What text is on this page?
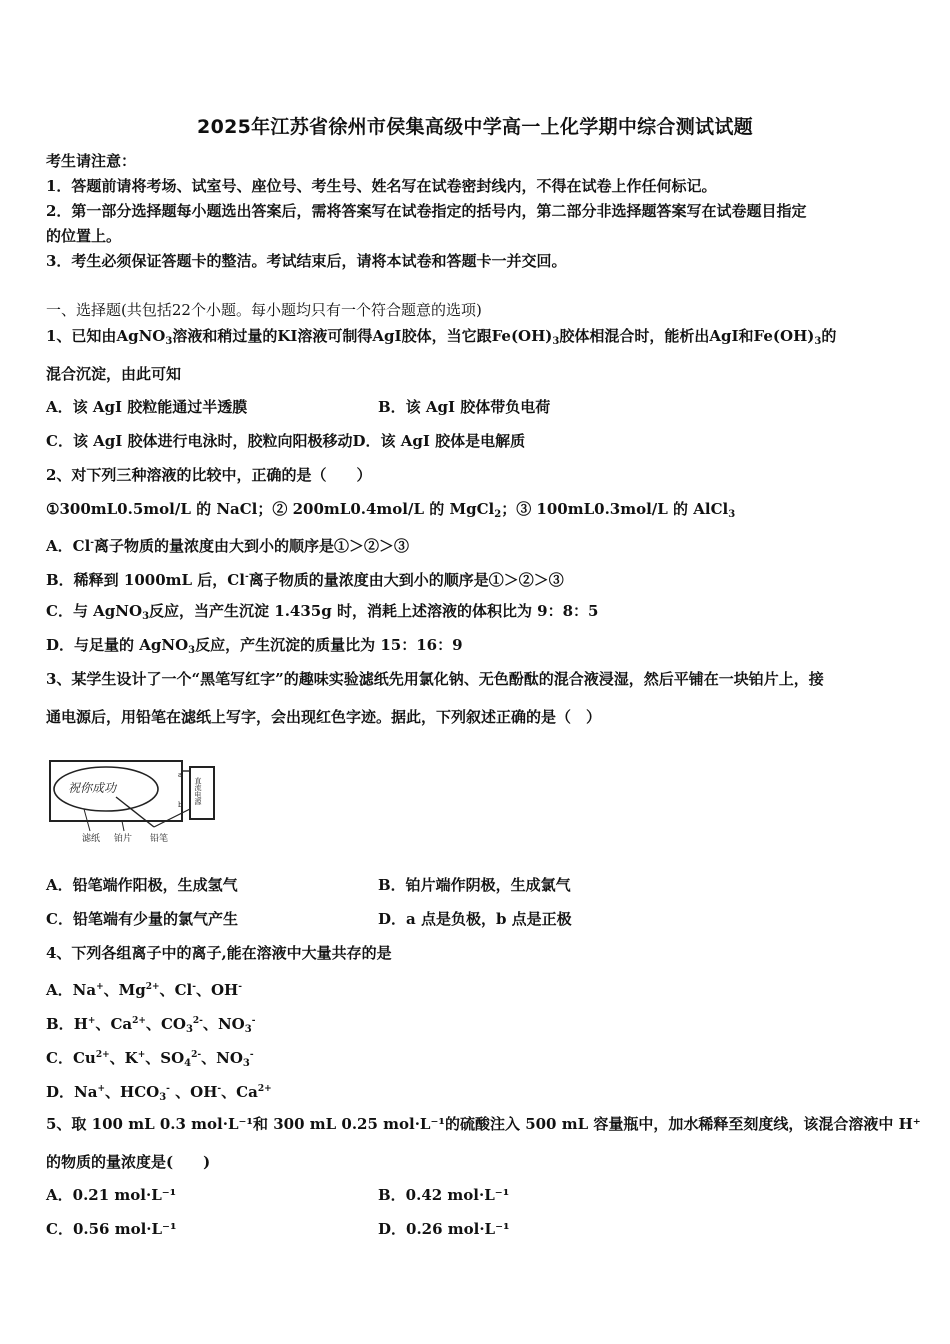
2025年江苏省徐州市侯集高级中学高一上化学期中综合测试试题
考生请注意：
1．答题前请将考场、试室号、座位号、考生号、姓名写在试卷密封线内，不得在试卷上作任何标记。
2．第一部分选择题每小题选出答案后，需将答案写在试卷指定的括号内，第二部分非选择题答案写在试卷题目指定
的位置上。
3．考生必须保证答题卡的整洁。考试结束后，请将本试卷和答题卡一并交回。
一、选择题(共包括22个小题。每小题均只有一个符合题意的选项)
1、已知由AgNO$_3$溶液和稍过量的KI溶液可制得AgI胶体，当它跟$Fe(OH)_3$胶体相混合时，能析出AgI和$Fe(OH)_3$的
混合沉淀，由此可知
A．该 AgI 胶粒能通过半透膜	B．该 AgI 胶体带负电荷
C．该 AgI 胶体进行电泳时，胶粒向阳极移动D．该 AgI 胶体是电解质
2、对下列三种溶液的比较中，正确的是（　　）
①300mL0.5mol/L 的 NaCl；② 200mL0.4mol/L 的 MgCl$_2$；③ 100mL0.3mol/L 的 AlCl$_3$
A．Cl-离子物质的量浓度由大到小的顺序是①＞②＞③
B．稀释到 1000mL 后，Cl-离子物质的量浓度由大到小的顺序是①＞②＞③
C．与 AgNO$_3$反应，当产生沉淀 1.435g 时，消耗上述溶液的体积比为 9：8：5
D．与足量的 AgNO$_3$反应，产生沉淀的质量比为 15：16：9
3、某学生设计了一个“黑笔写红字”的趣味实验滤纸先用氯化钠、无色酚酞的混合液浸湿，然后平铺在一块铂片上，接
通电源后，用铅笔在滤纸上写字，会出现红色字迹。据此，下列叙述正确的是（　）
祝你成功	直流电源
a
b
滤纸 铂片 铅笔
A．铅笔端作阳极，生成氢气	B．铂片端作阴极，生成氯气
C．铅笔端有少量的氯气产生	D．a 点是负极，b 点是正极
4、下列各组离子中的离子,能在溶液中大量共存的是
A．Na+、$Mg^{2+}$、Cl-、OH-
B．H+、$Ca^{2+}$、$CO_3^{2-}$、$NO_3^-$
C．$Cu^{2+}$、K+、$SO_4^{2-}$、$NO_3^-$
D．Na+、$HCO_3^-$ 、OH-、$Ca^{2+}$
5、取 100 mL 0.3 mol·L⁻¹和 300 mL 0.25 mol·L⁻¹的硫酸注入 500 mL 容量瓶中，加水稀释至刻度线，该混合溶液中 H⁺
的物质的量浓度是(　　)
A．0.21 mol·L⁻¹	B．0.42 mol·L⁻¹
C．0.56 mol·L⁻¹	D．0.26 mol·L⁻¹
